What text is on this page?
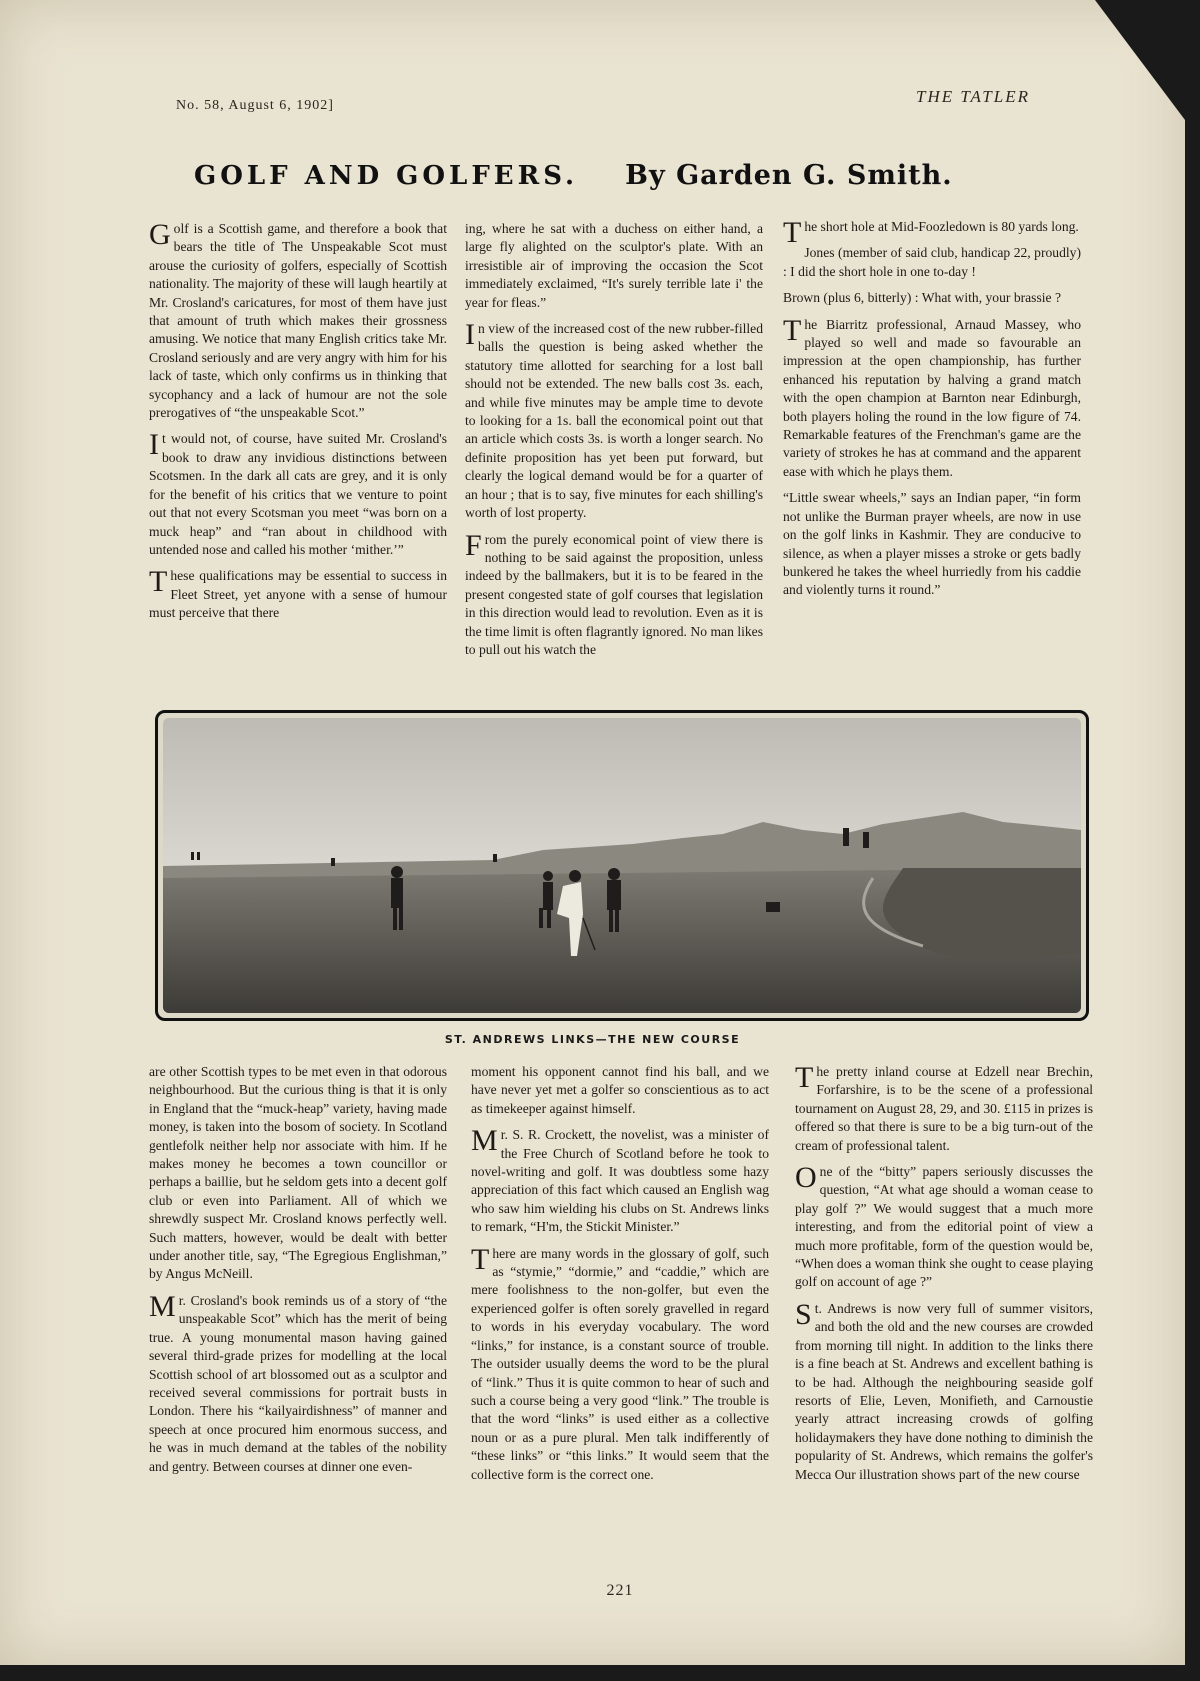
No. 58, August 6, 1902]	THE TATLER
GOLF AND GOLFERS. By Garden G. Smith.

Golf is a Scottish game, and therefore a book that bears the title of The Unspeakable Scot must arouse the curiosity of golfers, especially of Scottish nationality. The majority of these will laugh heartily at Mr. Crosland's caricatures, for most of them have just that amount of truth which makes their grossness amusing. We notice that many English critics take Mr. Crosland seriously and are very angry with him for his lack of taste, which only confirms us in thinking that sycophancy and a lack of humour are not the sole prerogatives of “the unspeakable Scot.”

It would not, of course, have suited Mr. Crosland's book to draw any invidious distinctions between Scotsmen. In the dark all cats are grey, and it is only for the benefit of his critics that we venture to point out that not every Scotsman you meet “was born on a muck heap” and “ran about in childhood with untended nose and called his mother ‘mither.’”

These qualifications may be essential to success in Fleet Street, yet anyone with a sense of humour must perceive that there

ing, where he sat with a duchess on either hand, a large fly alighted on the sculptor's plate. With an irresistible air of improving the occasion the Scot immediately exclaimed, “It's surely terrible late i' the year for fleas.”

In view of the increased cost of the new rubber-filled balls the question is being asked whether the statutory time allotted for searching for a lost ball should not be extended. The new balls cost 3s. each, and while five minutes may be ample time to devote to looking for a 1s. ball the economical point out that an article which costs 3s. is worth a longer search. No definite proposition has yet been put forward, but clearly the logical demand would be for a quarter of an hour ; that is to say, five minutes for each shilling's worth of lost property.

From the purely economical point of view there is nothing to be said against the proposition, unless indeed by the ballmakers, but it is to be feared in the present congested state of golf courses that legislation in this direction would lead to revolution. Even as it is the time limit is often flagrantly ignored. No man likes to pull out his watch the

The short hole at Mid-Foozledown is 80 yards long.

Jones (member of said club, handicap 22, proudly) : I did the short hole in one to-day !

Brown (plus 6, bitterly) : What with, your brassie ?

The Biarritz professional, Arnaud Massey, who played so well and made so favourable an impression at the open championship, has further enhanced his reputation by halving a grand match with the open champion at Barnton near Edinburgh, both players holing the round in the low figure of 74. Remarkable features of the Frenchman's game are the variety of strokes he has at command and the apparent ease with which he plays them.

“Little swear wheels,” says an Indian paper, “in form not unlike the Burman prayer wheels, are now in use on the golf links in Kashmir. They are conducive to silence, as when a player misses a stroke or gets badly bunkered he takes the wheel hurriedly from his caddie and violently turns it round.”

ST. ANDREWS LINKS—THE NEW COURSE

are other Scottish types to be met even in that odorous neighbourhood. But the curious thing is that it is only in England that the “muck-heap” variety, having made money, is taken into the bosom of society. In Scotland gentlefolk neither help nor associate with him. If he makes money he becomes a town councillor or perhaps a baillie, but he seldom gets into a decent golf club or even into Parliament. All of which we shrewdly suspect Mr. Crosland knows perfectly well. Such matters, however, would be dealt with better under another title, say, “The Egregious Englishman,” by Angus McNeill.

Mr. Crosland's book reminds us of a story of “the unspeakable Scot” which has the merit of being true. A young monumental mason having gained several third-grade prizes for modelling at the local Scottish school of art blossomed out as a sculptor and received several commissions for portrait busts in London. There his “kailyairdishness” of manner and speech at once procured him enormous success, and he was in much demand at the tables of the nobility and gentry. Between courses at dinner one even-

moment his opponent cannot find his ball, and we have never yet met a golfer so conscientious as to act as timekeeper against himself.

Mr. S. R. Crockett, the novelist, was a minister of the Free Church of Scotland before he took to novel-writing and golf. It was doubtless some hazy appreciation of this fact which caused an English wag who saw him wielding his clubs on St. Andrews links to remark, “H'm, the Stickit Minister.”

There are many words in the glossary of golf, such as “stymie,” “dormie,” and “caddie,” which are mere foolishness to the non-golfer, but even the experienced golfer is often sorely gravelled in regard to words in his everyday vocabulary. The word “links,” for instance, is a constant source of trouble. The outsider usually deems the word to be the plural of “link.” Thus it is quite common to hear of such and such a course being a very good “link.” The trouble is that the word “links” is used either as a collective noun or as a pure plural. Men talk indifferently of “these links” or “this links.” It would seem that the collective form is the correct one.

The pretty inland course at Edzell near Brechin, Forfarshire, is to be the scene of a professional tournament on August 28, 29, and 30. £115 in prizes is offered so that there is sure to be a big turn-out of the cream of professional talent.

One of the “bitty” papers seriously discusses the question, “At what age should a woman cease to play golf ?” We would suggest that a much more interesting, and from the editorial point of view a much more profitable, form of the question would be, “When does a woman think she ought to cease playing golf on account of age ?”

St. Andrews is now very full of summer visitors, and both the old and the new courses are crowded from morning till night. In addition to the links there is a fine beach at St. Andrews and excellent bathing is to be had. Although the neighbouring seaside golf resorts of Elie, Leven, Monifieth, and Carnoustie yearly attract increasing crowds of golfing holidaymakers they have done nothing to diminish the popularity of St. Andrews, which remains the golfer's Mecca Our illustration shows part of the new course

221
